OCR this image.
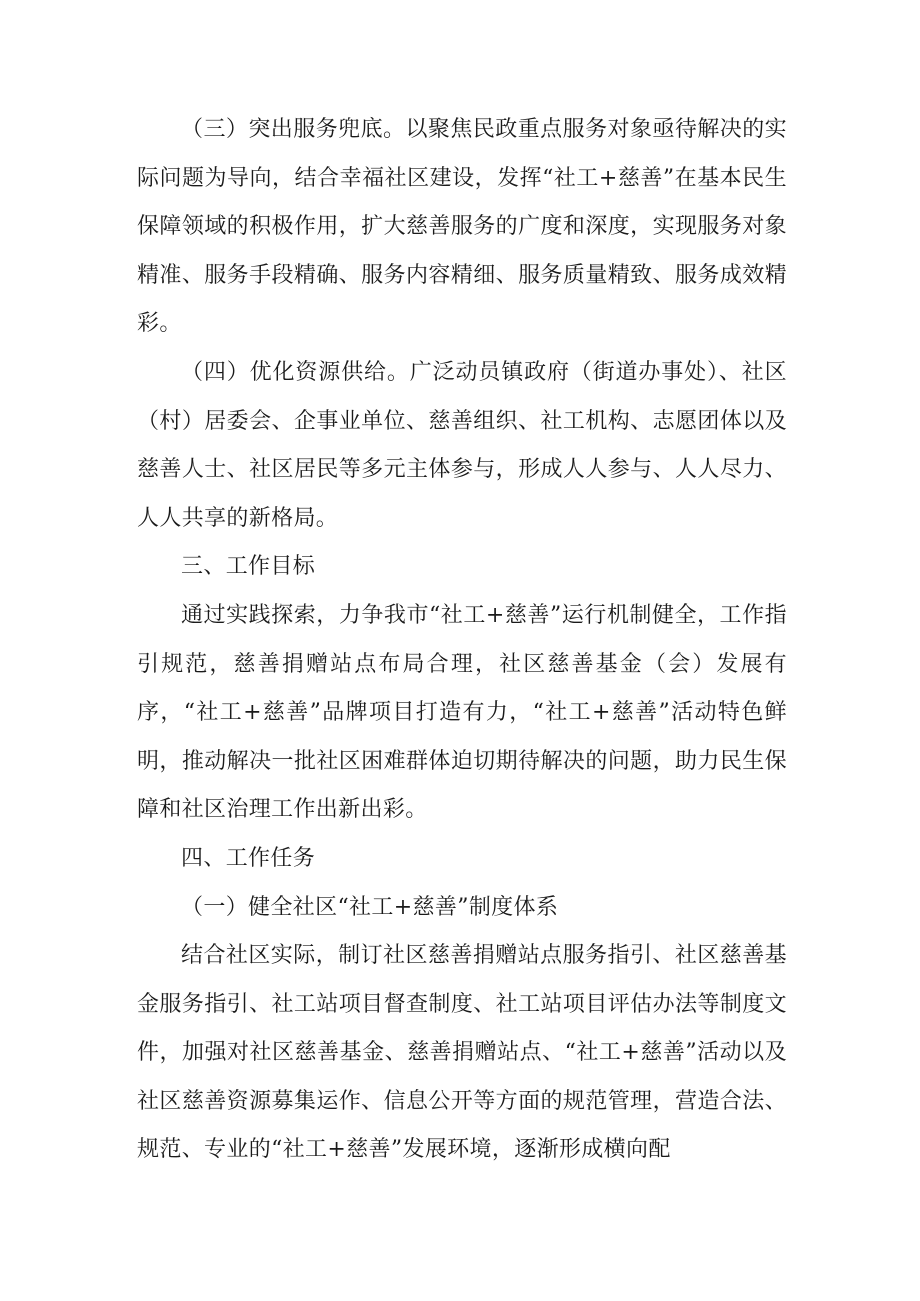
（三）突出服务兜底。以聚焦民政重点服务对象亟待解决的实际问题为导向，结合幸福社区建设，发挥“社工+慈善”在基本民生保障领域的积极作用，扩大慈善服务的广度和深度，实现服务对象精准、服务手段精确、服务内容精细、服务质量精致、服务成效精彩。

（四）优化资源供给。广泛动员镇政府（街道办事处）、社区（村）居委会、企事业单位、慈善组织、社工机构、志愿团体以及慈善人士、社区居民等多元主体参与，形成人人参与、人人尽力、人人共享的新格局。

三、工作目标

通过实践探索，力争我市“社工+慈善”运行机制健全，工作指引规范，慈善捐赠站点布局合理，社区慈善基金（会）发展有序，“社工+慈善”品牌项目打造有力，“社工+慈善”活动特色鲜明，推动解决一批社区困难群体迫切期待解决的问题，助力民生保障和社区治理工作出新出彩。

四、工作任务

（一）健全社区“社工+慈善”制度体系

结合社区实际，制订社区慈善捐赠站点服务指引、社区慈善基金服务指引、社工站项目督查制度、社工站项目评估办法等制度文件，加强对社区慈善基金、慈善捐赠站点、“社工+慈善”活动以及社区慈善资源募集运作、信息公开等方面的规范管理，营造合法、规范、专业的“社工+慈善”发展环境，逐渐形成横向配
